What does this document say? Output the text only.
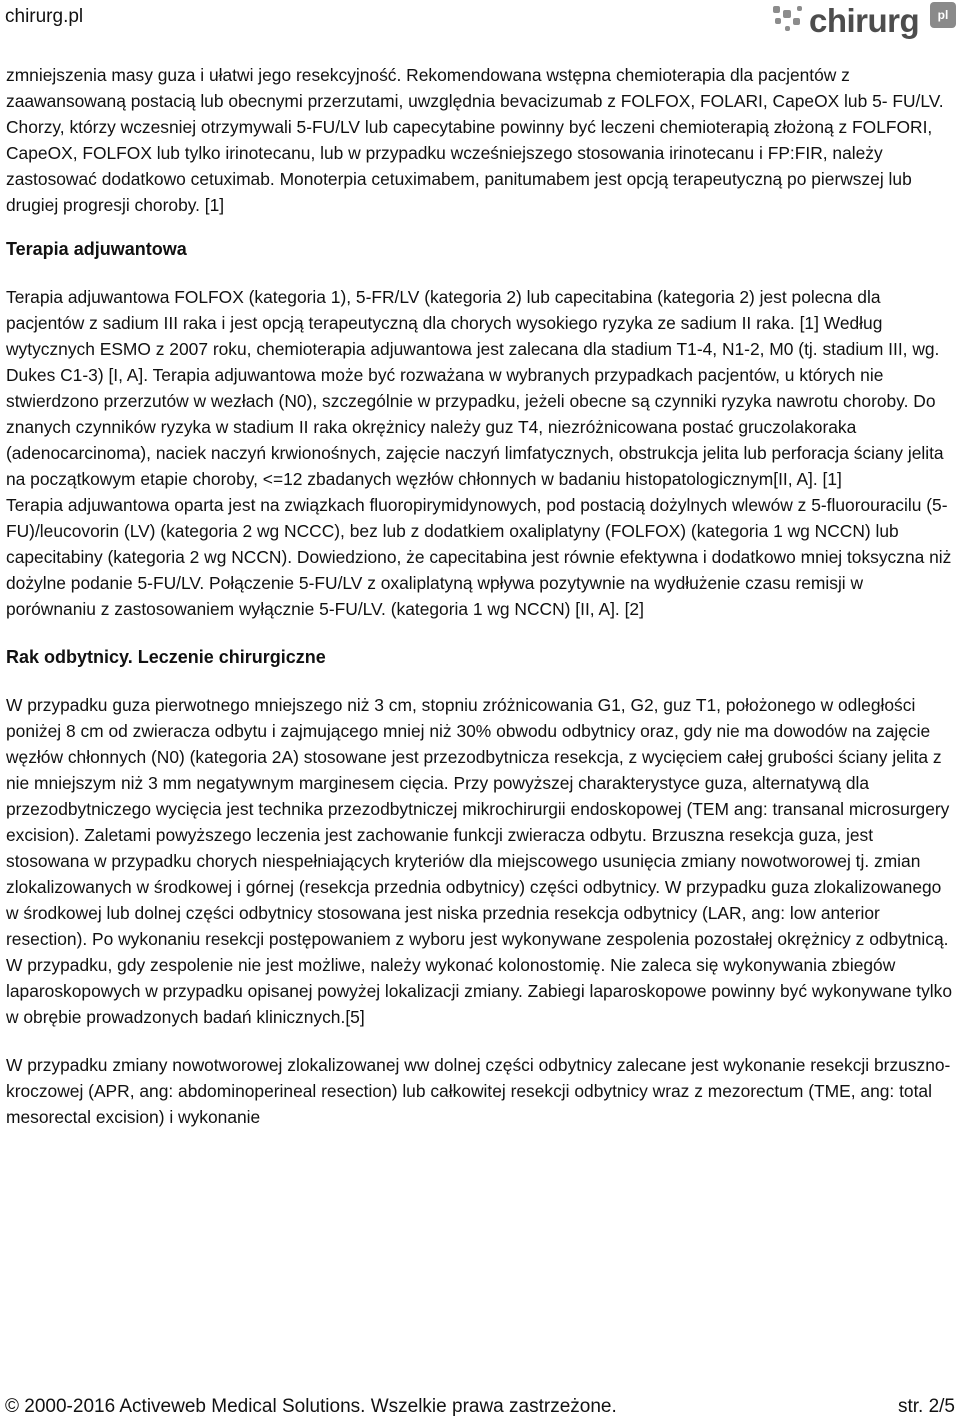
chirurg.pl	chirurg	pl

zmniejszenia masy guza i ułatwi jego resekcyjność. Rekomendowana wstępna chemioterapia dla pacjentów z zaawansowaną postacią lub obecnymi przerzutami, uwzględnia bevacizumab z FOLFOX, FOLARI, CapeOX lub 5- FU/LV. Chorzy, którzy wczesniej otrzymywali 5-FU/LV lub capecytabine powinny być leczeni chemioterapią złożoną z FOLFORI, CapeOX, FOLFOX lub tylko irinotecanu, lub w przypadku wcześniejszego stosowania irinotecanu i FP:FIR, należy zastosować dodatkowo cetuximab. Monoterpia cetuximabem, panitumabem jest opcją terapeutyczną po pierwszej lub drugiej progresji choroby. [1]

Terapia adjuwantowa

Terapia adjuwantowa FOLFOX (kategoria 1), 5-FR/LV (kategoria 2) lub capecitabina (kategoria 2) jest polecna dla pacjentów z sadium III raka i jest opcją terapeutyczną dla chorych wysokiego ryzyka ze sadium II raka. [1] Według wytycznych ESMO z 2007 roku, chemioterapia adjuwantowa jest zalecana dla stadium T1-4, N1-2, M0 (tj. stadium III, wg. Dukes C1-3) [I, A]. Terapia adjuwantowa może być rozważana w wybranych przypadkach pacjentów, u których nie stwierdzono przerzutów w wezłach (N0), szczególnie w przypadku, jeżeli obecne są czynniki ryzyka nawrotu choroby. Do znanych czynników ryzyka w stadium II raka okrężnicy należy guz T4, niezróżnicowana postać gruczolakoraka (adenocarcinoma), naciek naczyń krwionośnych, zajęcie naczyń limfatycznych, obstrukcja jelita lub perforacja ściany jelita na początkowym etapie choroby, <=12 zbadanych węzłów chłonnych w badaniu histopatologicznym[II, A]. [1]

Terapia adjuwantowa oparta jest na związkach fluoropirymidynowych, pod postacią dożylnych wlewów z 5-fluorouracilu (5-FU)/leucovorin (LV) (kategoria 2 wg NCCC), bez lub z dodatkiem oxaliplatyny (FOLFOX) (kategoria 1 wg NCCN) lub capecitabiny (kategoria 2 wg NCCN). Dowiedziono, że capecitabina jest równie efektywna i dodatkowo mniej toksyczna niż dożylne podanie 5-FU/LV. Połączenie 5-FU/LV z oxaliplatyną wpływa pozytywnie na wydłużenie czasu remisji w porównaniu z zastosowaniem wyłącznie 5-FU/LV. (kategoria 1 wg NCCN) [II, A]. [2]

Rak odbytnicy. Leczenie chirurgiczne

W przypadku guza pierwotnego mniejszego niż 3 cm, stopniu zróżnicowania G1, G2, guz T1, położonego w odległości poniżej 8 cm od zwieracza odbytu i zajmującego mniej niż 30% obwodu odbytnicy oraz, gdy nie ma dowodów na zajęcie węzłów chłonnych (N0) (kategoria 2A) stosowane jest przezodbytnicza resekcja, z wycięciem całej grubości ściany jelita z nie mniejszym niż 3 mm negatywnym marginesem cięcia. Przy powyższej charakterystyce guza, alternatywą dla przezodbytniczego wycięcia jest technika przezodbytniczej mikrochirurgii endoskopowej (TEM ang: transanal microsurgery excision). Zaletami powyższego leczenia jest zachowanie funkcji zwieracza odbytu. Brzuszna resekcja guza, jest stosowana w przypadku chorych niespełniających kryteriów dla miejscowego usunięcia zmiany nowotworowej tj. zmian zlokalizowanych w środkowej i górnej (resekcja przednia odbytnicy) części odbytnicy. W przypadku guza zlokalizowanego w środkowej lub dolnej części odbytnicy stosowana jest niska przednia resekcja odbytnicy (LAR, ang: low anterior resection). Po wykonaniu resekcji postępowaniem z wyboru jest wykonywane zespolenia pozostałej okrężnicy z odbytnicą. W przypadku, gdy zespolenie nie jest możliwe, należy wykonać kolonostomię. Nie zaleca się wykonywania zbiegów laparoskopowych w przypadku opisanej powyżej lokalizacji zmiany. Zabiegi laparoskopowe powinny być wykonywane tylko w obrębie prowadzonych badań klinicznych.[5]

W przypadku zmiany nowotworowej zlokalizowanej ww dolnej części odbytnicy zalecane jest wykonanie resekcji brzuszno-kroczowej (APR, ang: abdominoperineal resection) lub całkowitej resekcji odbytnicy wraz z mezorectum (TME, ang: total mesorectal excision) i wykonanie

© 2000-2016 Activeweb Medical Solutions. Wszelkie prawa zastrzeżone.	str. 2/5
